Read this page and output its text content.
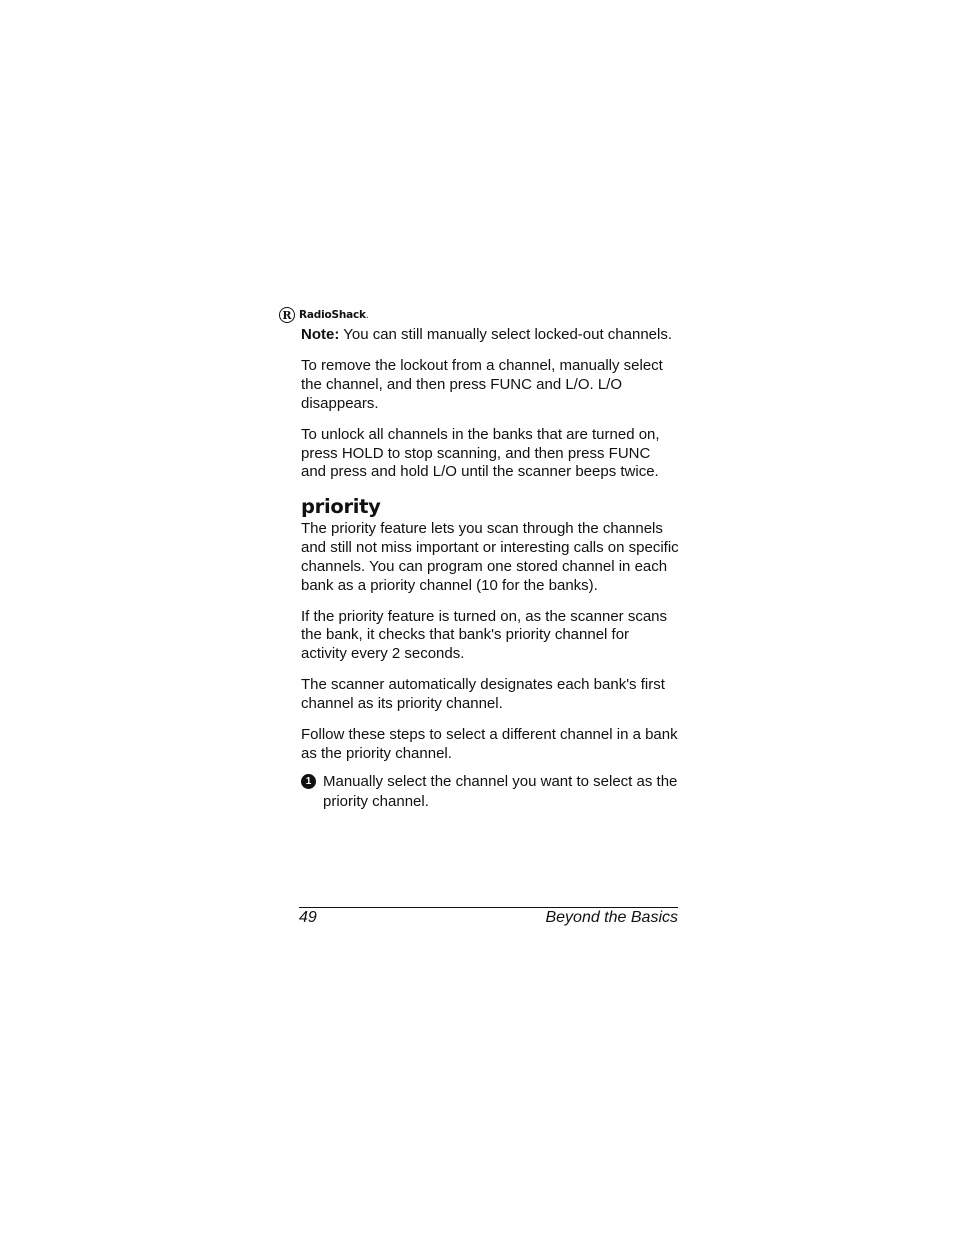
R RadioShack.

Note: You can still manually select locked-out channels.

To remove the lockout from a channel, manually select the channel, and then press FUNC and L/O. L/O disappears.

To unlock all channels in the banks that are turned on, press HOLD to stop scanning, and then press FUNC and press and hold L/O until the scanner beeps twice.

priority

The priority feature lets you scan through the channels and still not miss important or interesting calls on specific channels. You can program one stored channel in each bank as a priority channel (10 for the banks).

If the priority feature is turned on, as the scanner scans the bank, it checks that bank's priority channel for activity every 2 seconds.

The scanner automatically designates each bank's first channel as its priority channel.

Follow these steps to select a different channel in a bank as the priority channel.

1 Manually select the channel you want to select as the priority channel.
49	Beyond the Basics
